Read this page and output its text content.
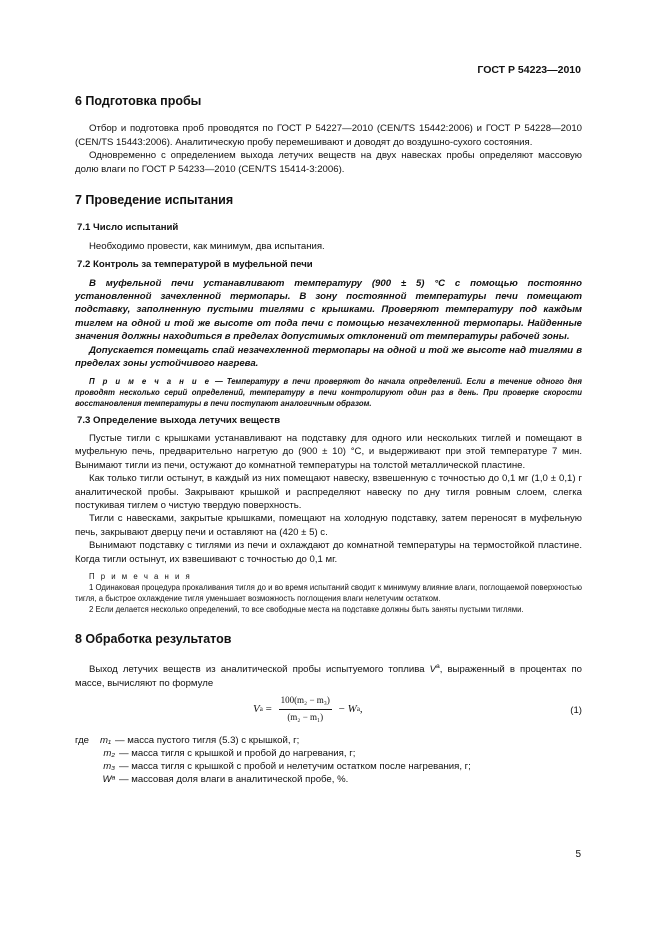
ГОСТ Р 54223—2010
6 Подготовка пробы

Отбор и подготовка проб проводятся по ГОСТ Р 54227—2010 (CEN/TS 15442:2006) и ГОСТ Р 54228—2010 (CEN/TS 15443:2006). Аналитическую пробу перемешивают и доводят до воздушно-сухого состояния.

Одновременно с определением выхода летучих веществ на двух навесках пробы определяют массовую долю влаги по ГОСТ Р 54233—2010 (CEN/TS 15414-3:2006).

7 Проведение испытания

7.1 Число испытаний

Необходимо провести, как минимум, два испытания.

7.2 Контроль за температурой в муфельной печи

В муфельной печи устанавливают температуру (900 ± 5) °С с помощью постоянно установленной зачехленной термопары. В зону постоянной температуры печи помещают подставку, заполненную пустыми тиглями с крышками. Проверяют температуру под каждым тиглем на одной и той же высоте от пода печи с помощью незачехленной термопары. Найденные значения должны находиться в пределах допустимых отклонений от температуры рабочей зоны.

Допускается помещать спай незачехленной термопары на одной и той же высоте над тиглями в пределах зоны устойчивого нагрева.

П р и м е ч а н и е — Температуру в печи проверяют до начала определений. Если в течение одного дня проводят несколько серий определений, температуру в печи контролируют один раз в день. При проверке скорости восстановления температуры в печи поступают аналогичным образом.

7.3 Определение выхода летучих веществ

Пустые тигли с крышками устанавливают на подставку для одного или нескольких тиглей и помещают в муфельную печь, предварительно нагретую до (900 ± 10) °С, и выдерживают при этой температуре 7 мин. Вынимают тигли из печи, остужают до комнатной температуры на толстой металлической пластине.

Как только тигли остынут, в каждый из них помещают навеску, взвешенную с точностью до 0,1 мг (1,0 ± 0,1) г аналитической пробы. Закрывают крышкой и распределяют навеску по дну тигля ровным слоем, слегка постукивая тиглем о чистую твердую поверхность.

Тигли с навесками, закрытые крышками, помещают на холодную подставку, затем переносят в муфельную печь, закрывают дверцу печи и оставляют на (420 ± 5) с.

Вынимают подставку с тиглями из печи и охлаждают до комнатной температуры на термостойкой пластине. Когда тигли остынут, их взвешивают с точностью до 0,1 мг.

П р и м е ч а н и я

1 Одинаковая процедура прокаливания тигля до и во время испытаний сводит к минимуму влияние влаги, поглощаемой поверхностью тигля, а быстрое охлаждение тигля уменьшает возможность поглощения влаги нелетучим остатком.

2 Если делается несколько определений, то все свободные места на подставке должны быть заняты пустыми тиглями.

8 Обработка результатов

Выход летучих веществ из аналитической пробы испытуемого топлива $V^a$, выраженный в процентах по массе, вычисляют по формуле

V $a = \frac{\text{100(m₂ − m₃)}}{\text{(m₂ − m₁)}} - W$ a ,	(1)
где	m₁ — масса пустого тигля (5.3) с крышкой, г;
m₂ — масса тигля с крышкой и пробой до нагревания, г;
m₃ — масса тигля с крышкой с пробой и нелетучим остатком после нагревания, г;
Wᵃ — массовая доля влаги в аналитической пробе, %.
5
